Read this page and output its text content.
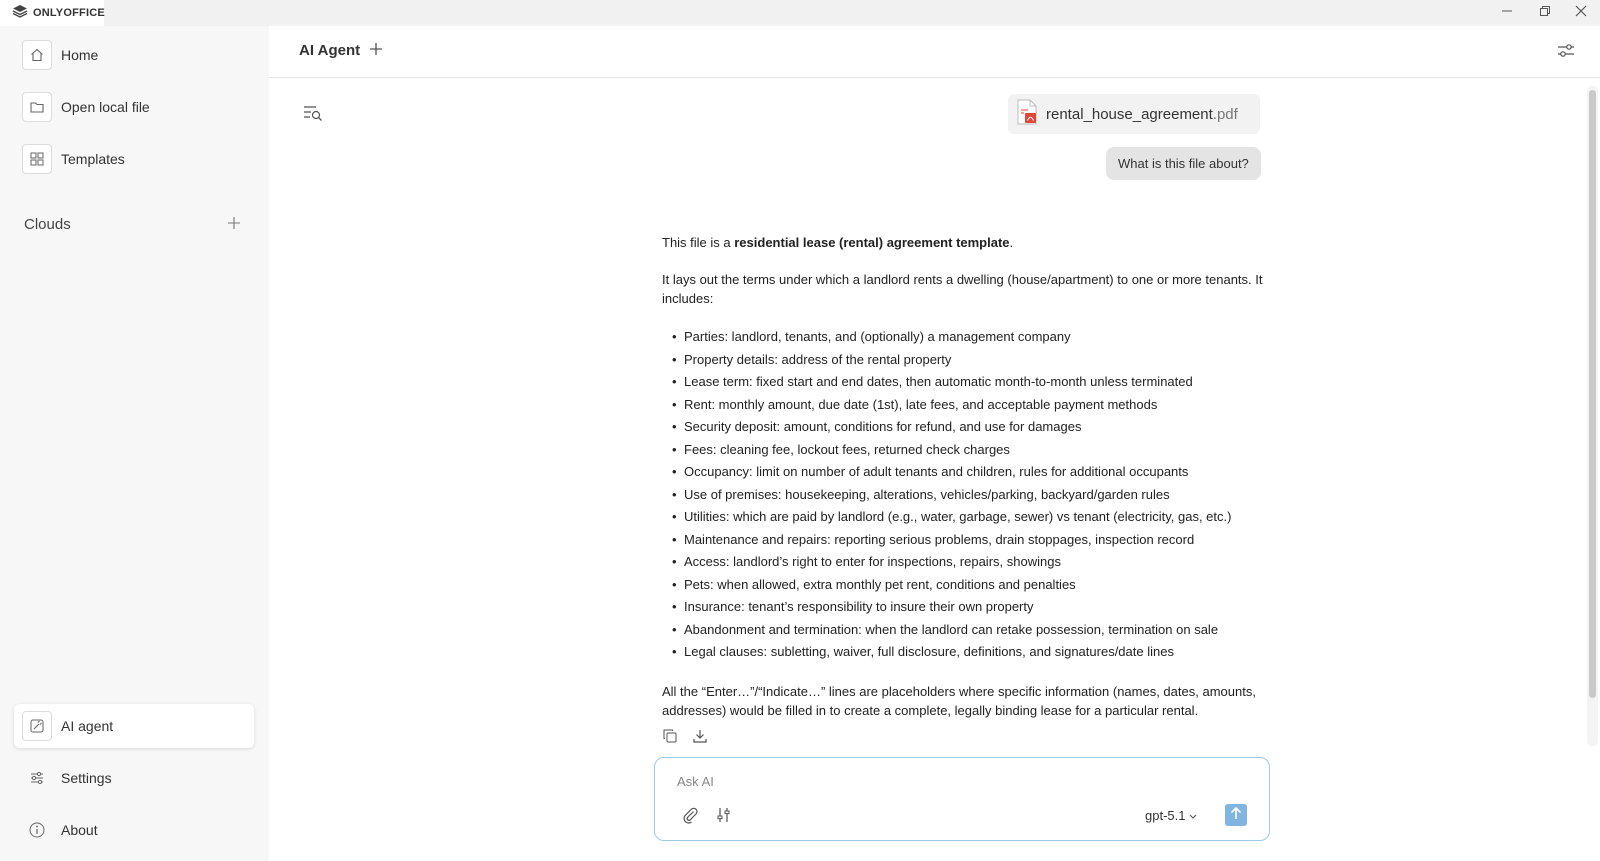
ONLYOFFICE
Home
Open local file
Templates
Clouds
AI agent
Settings
About
AI Agent
rental_house_agreement.pdf
What is this file about?

This file is a residential lease (rental) agreement template.

It lays out the terms under which a landlord rents a dwelling (house/apartment) to one or more tenants. It includes:

• Parties: landlord, tenants, and (optionally) a management company
• Property details: address of the rental property
• Lease term: fixed start and end dates, then automatic month-to-month unless terminated
• Rent: monthly amount, due date (1st), late fees, and acceptable payment methods
• Security deposit: amount, conditions for refund, and use for damages
• Fees: cleaning fee, lockout fees, returned check charges
• Occupancy: limit on number of adult tenants and children, rules for additional occupants
• Use of premises: housekeeping, alterations, vehicles/parking, backyard/garden rules
• Utilities: which are paid by landlord (e.g., water, garbage, sewer) vs tenant (electricity, gas, etc.)
• Maintenance and repairs: reporting serious problems, drain stoppages, inspection record
• Access: landlord’s right to enter for inspections, repairs, showings
• Pets: when allowed, extra monthly pet rent, conditions and penalties
• Insurance: tenant’s responsibility to insure their own property
• Abandonment and termination: when the landlord can retake possession, termination on sale
• Legal clauses: subletting, waiver, full disclosure, definitions, and signatures/date lines

All the “Enter…”/“Indicate…” lines are placeholders where specific information (names, dates, amounts, addresses) would be filled in to create a complete, legally binding lease for a particular rental.

Ask AI
gpt-5.1
